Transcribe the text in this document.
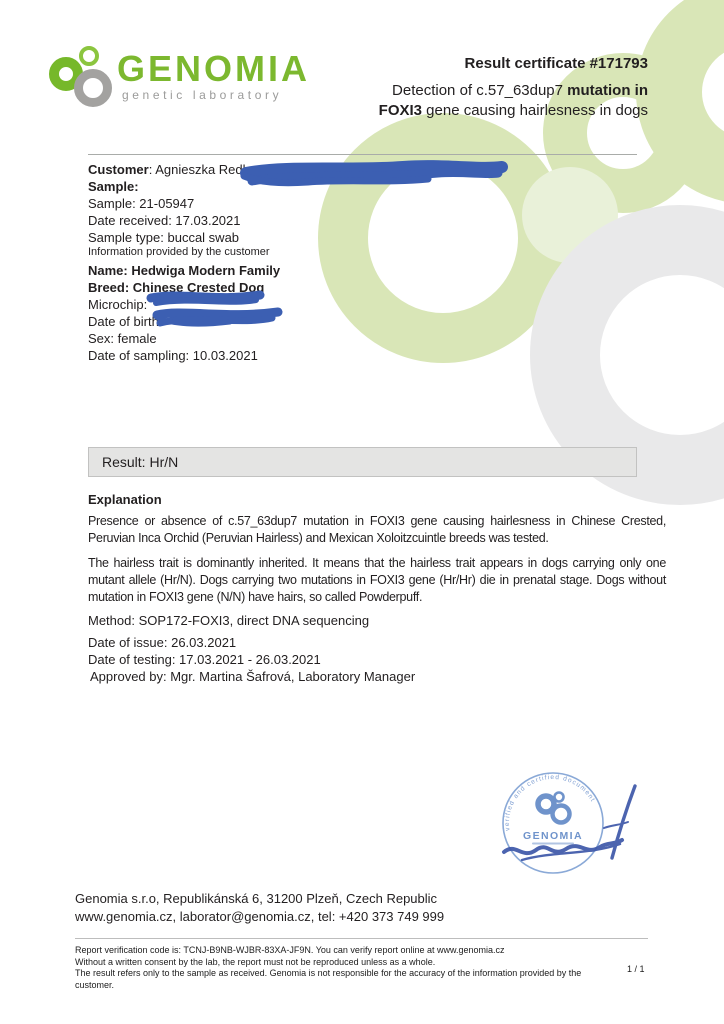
GENOMIA
genetic laboratory
Result certificate #171793
Detection of c.57_63dup7 mutation in
FOXI3 gene causing hairlesness in dogs
Customer: Agnieszka Redlarska,
Sample:
Sample: 21-05947
Date received: 17.03.2021
Sample type: buccal swab
Information provided by the customer
Name: Hedwiga Modern Family
Breed: Chinese Crested Dog
Microchip:
Date of birth:
Sex: female
Date of sampling: 10.03.2021
Result: Hr/N
Explanation
Presence or absence of c.57_63dup7 mutation in FOXI3 gene causing hairlesness in Chinese Crested, Peruvian Inca Orchid (Peruvian Hairless) and Mexican Xoloitzcuintle breeds was tested.
The hairless trait is dominantly inherited. It means that the hairless trait appears in dogs carrying only one mutant allele (Hr/N). Dogs carrying two mutations in FOXI3 gene (Hr/Hr) die in prenatal stage. Dogs without mutation in FOXI3 gene (N/N) have hairs, so called Powderpuff.
Method: SOP172-FOXI3, direct DNA sequencing
Date of issue: 26.03.2021
Date of testing: 17.03.2021 - 26.03.2021
Approved by: Mgr. Martina Šafrová, Laboratory Manager
verified and certified document
GENOMIA
Genomia s.r.o, Republikánská 6, 31200 Plzeň, Czech Republic
www.genomia.cz, laborator@genomia.cz, tel: +420 373 749 999
Report verification code is: TCNJ-B9NB-WJBR-83XA-JF9N. You can verify report online at www.genomia.cz
Without a written consent by the lab, the report must not be reproduced unless as a whole.
The result refers only to the sample as received. Genomia is not responsible for the accuracy of the information provided by the customer.
1 / 1
